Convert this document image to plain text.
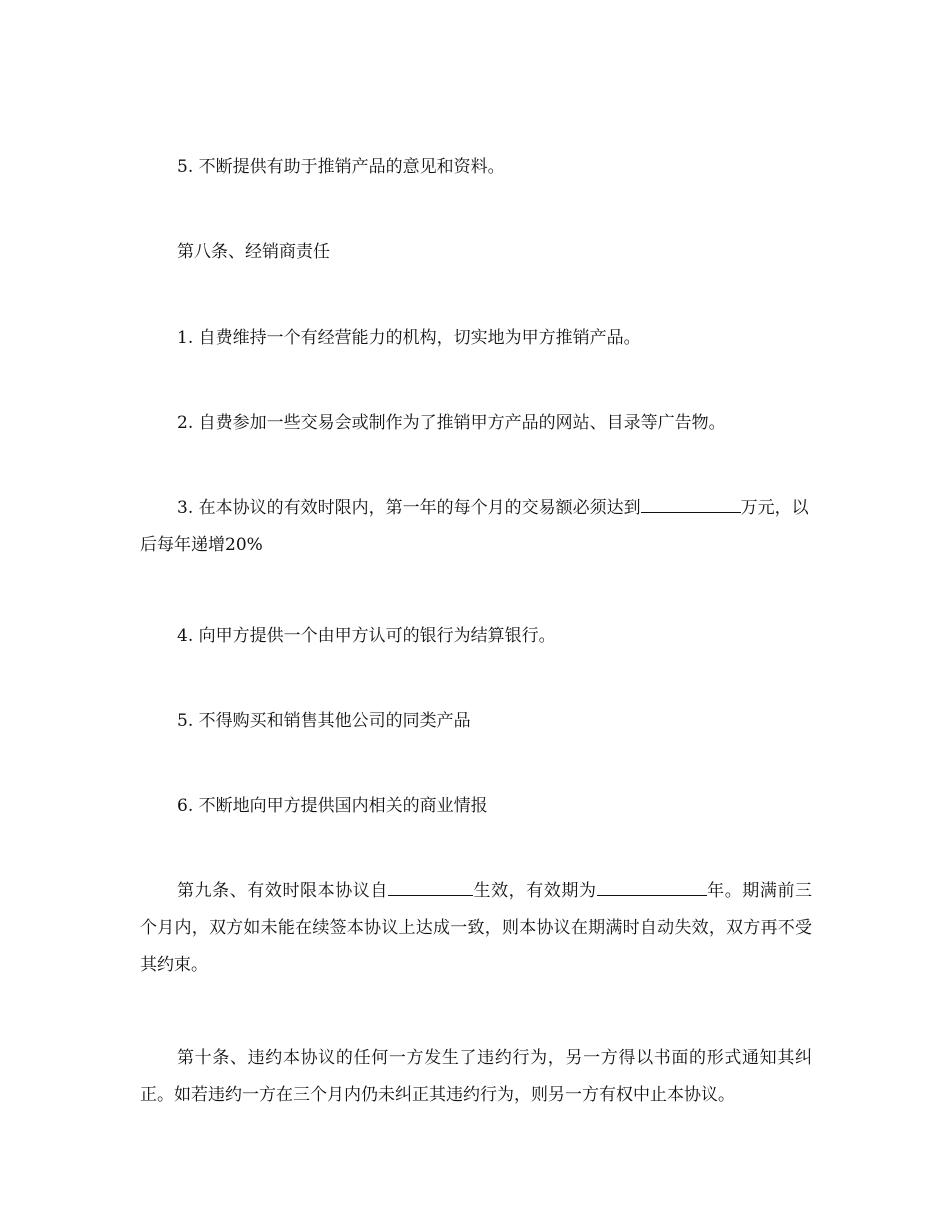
5. 不断提供有助于推销产品的意见和资料。

第八条、经销商责任

1. 自费维持一个有经营能力的机构，切实地为甲方推销产品。

2. 自费参加一些交易会或制作为了推销甲方产品的网站、目录等广告物。

3. 在本协议的有效时限内，第一年的每个月的交易额必须达到	万元，以后每年递增20%

4. 向甲方提供一个由甲方认可的银行为结算银行。

5. 不得购买和销售其他公司的同类产品

6. 不断地向甲方提供国内相关的商业情报

第九条、有效时限本协议自	生效，有效期为	年。期满前三个月内，双方如未能在续签本协议上达成一致，则本协议在期满时自动失效，双方再不受其约束。

第十条、违约本协议的任何一方发生了违约行为，另一方得以书面的形式通知其纠正。如若违约一方在三个月内仍未纠正其违约行为，则另一方有权中止本协议。
